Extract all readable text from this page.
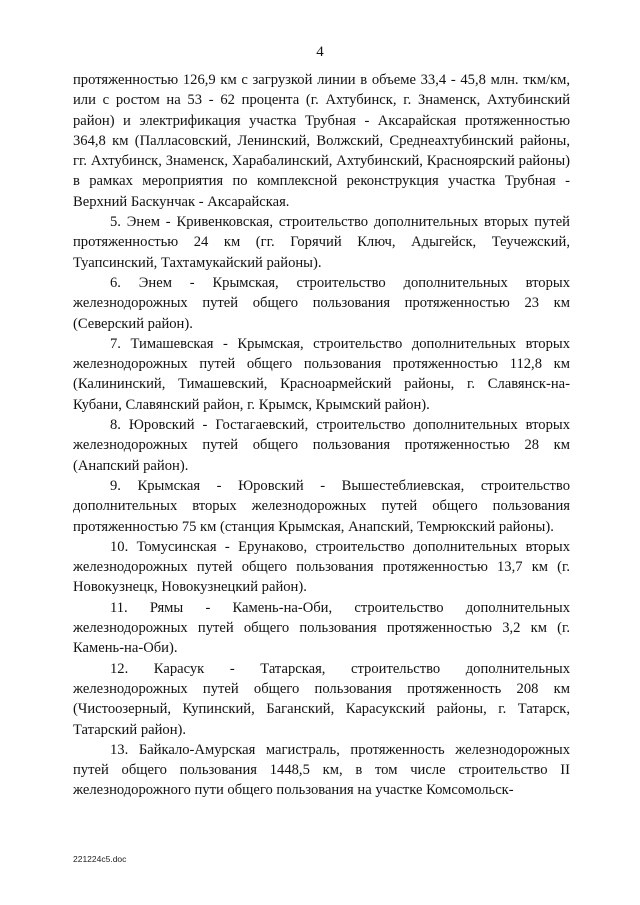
4

протяженностью 126,9 км с загрузкой линии в объеме 33,4 - 45,8 млн. ткм/км, или с ростом на 53 - 62 процента (г. Ахтубинск, г. Знаменск, Ахтубинский район) и электрификация участка Трубная - Аксарайская протяженностью 364,8 км (Палласовский, Ленинский, Волжский, Среднеахтубинский районы, гг. Ахтубинск, Знаменск, Харабалинский, Ахтубинский, Красноярский районы) в рамках мероприятия по комплексной реконструкция участка Трубная - Верхний Баскунчак - Аксарайская.

5. Энем - Кривенковская, строительство дополнительных вторых путей протяженностью 24 км (гг. Горячий Ключ, Адыгейск, Теучежский, Туапсинский, Тахтамукайский районы).

6. Энем - Крымская, строительство дополнительных вторых железнодорожных путей общего пользования протяженностью 23 км (Северский район).

7. Тимашевская - Крымская, строительство дополнительных вторых железнодорожных путей общего пользования протяженностью 112,8 км (Калининский, Тимашевский, Красноармейский районы, г. Славянск-на-Кубани, Славянский район, г. Крымск, Крымский район).

8. Юровский - Гостагаевский, строительство дополнительных вторых железнодорожных путей общего пользования протяженностью 28 км (Анапский район).

9. Крымская - Юровский - Вышестеблиевская, строительство дополнительных вторых железнодорожных путей общего пользования протяженностью 75 км (станция Крымская, Анапский, Темрюкский районы).

10. Томусинская - Ерунаково, строительство дополнительных вторых железнодорожных путей общего пользования протяженностью 13,7 км (г. Новокузнецк, Новокузнецкий район).

11. Рямы - Камень-на-Оби, строительство дополнительных железнодорожных путей общего пользования протяженностью 3,2 км (г. Камень-на-Оби).

12. Карасук - Татарская, строительство дополнительных железнодорожных путей общего пользования протяженность 208 км (Чистоозерный, Купинский, Баганский, Карасукский районы, г. Татарск, Татарский район).

13. Байкало-Амурская магистраль, протяженность железнодорожных путей общего пользования 1448,5 км, в том числе строительство II железнодорожного пути общего пользования на участке Комсомольск-

221224c5.doc
